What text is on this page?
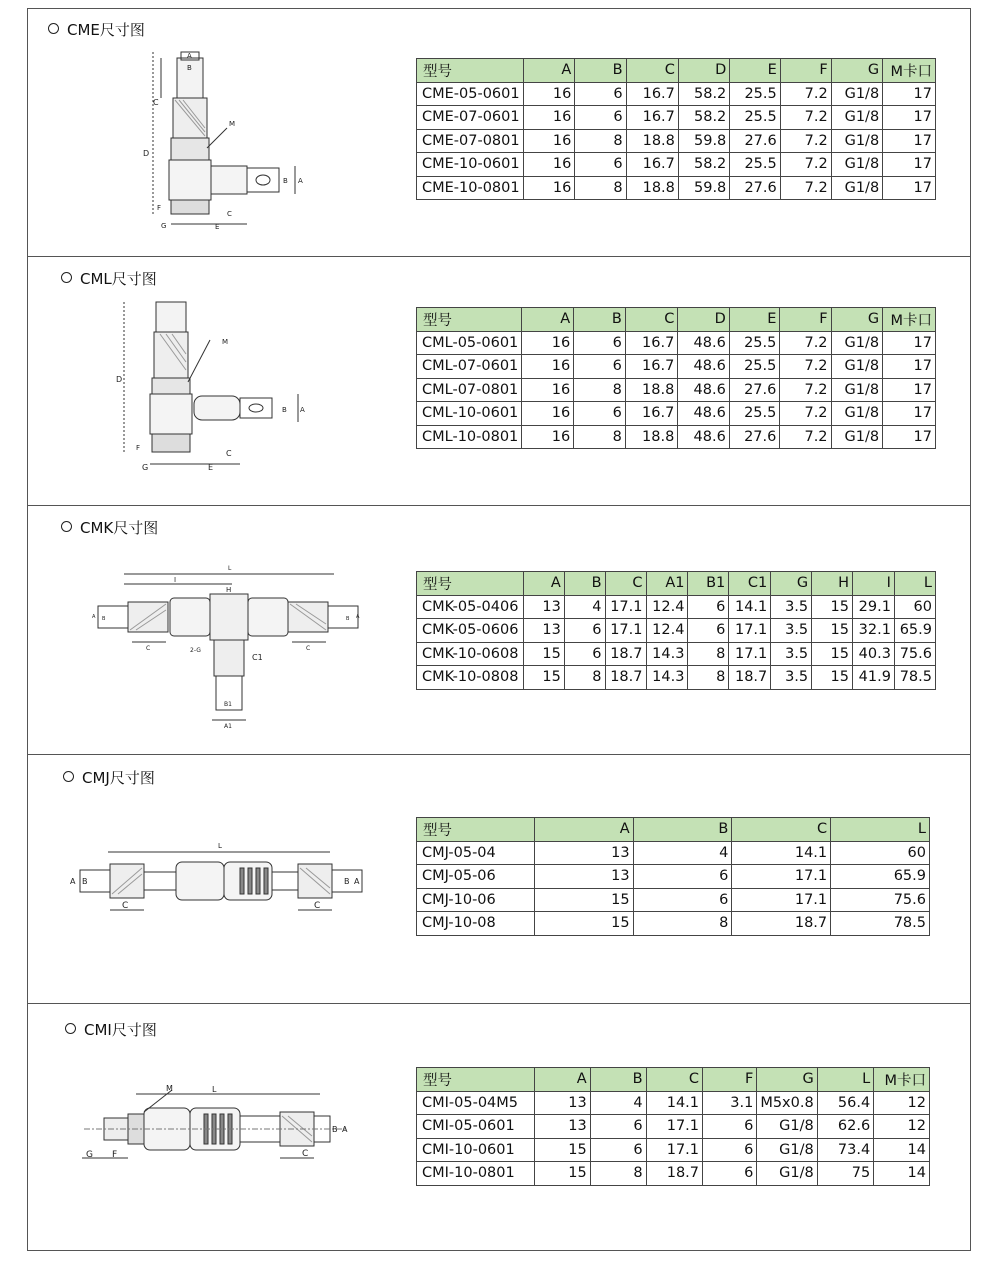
CME尺寸图
A
B
C
D
M
B A
F
G
C
E
型号	A	B	C	D	E	F	G	M卡口
CME-05-0601	16	6	16.7	58.2	25.5	7.2	G1/8	17
CME-07-0601	16	6	16.7	58.2	25.5	7.2	G1/8	17
CME-07-0801	16	8	18.8	59.8	27.6	7.2	G1/8	17
CME-10-0601	16	6	16.7	58.2	25.5	7.2	G1/8	17
CME-10-0801	16	8	18.8	59.8	27.6	7.2	G1/8	17
CML尺寸图
M
D
B A
F
G	E
C
型号	A	B	C	D	E	F	G	M卡口
CML-05-0601	16	6	16.7	48.6	25.5	7.2	G1/8	17
CML-07-0601	16	6	16.7	48.6	25.5	7.2	G1/8	17
CML-07-0801	16	8	18.8	48.6	27.6	7.2	G1/8	17
CML-10-0601	16	6	16.7	48.6	25.5	7.2	G1/8	17
CML-10-0801	16	8	18.8	48.6	27.6	7.2	G1/8	17
CMK尺寸图
L
I
H
A B
C	2-G
C1
B1
A1
C
B A
型号	A	B	C	A1	B1	C1	G	H	I	L
CMK-05-0406	13	4	17.1	12.4	6	14.1	3.5	15	29.1	60
CMK-05-0606	13	6	17.1	12.4	6	17.1	3.5	15	32.1	65.9
CMK-10-0608	15	6	18.7	14.3	8	17.1	3.5	15	40.3	75.6
CMK-10-0808	15	8	18.7	14.3	8	18.7	3.5	15	41.9	78.5
CMJ尺寸图
L
A B
C	C
B A
型号	A	B	C	L
CMJ-05-04	13	4	14.1	60
CMJ-05-06	13	6	17.1	65.9
CMJ-10-06	15	6	17.1	75.6
CMJ-10-08	15	8	18.7	78.5
CMI尺寸图
M	L
G F	C
B A
型号	A	B	C	F	G	L	M卡口
CMI-05-04M5	13	4	14.1	3.1	M5x0.8	56.4	12
CMI-05-0601	13	6	17.1	6	G1/8	62.6	12
CMI-10-0601	15	6	17.1	6	G1/8	73.4	14
CMI-10-0801	15	8	18.7	6	G1/8	75	14
